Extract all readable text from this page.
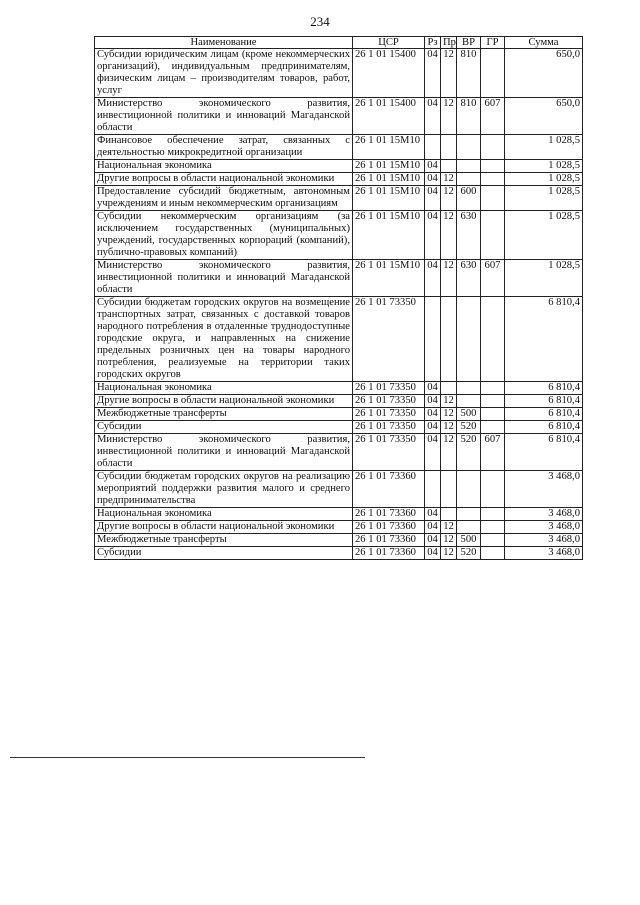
234
Наименование	ЦСР	Рз	Пр	ВР	ГР	Сумма
Субсидии юридическим лицам (кроме некоммерческих организаций), индивидуальным предпринимателям, физическим лицам – производителям товаров, работ, услуг	26 1 01 15400	04	12	810		650,0
Министерство экономического развития, инвестиционной политики и инноваций Магаданской области	26 1 01 15400	04	12	810	607	650,0
Финансовое обеспечение затрат, связанных с деятельностью микрокредитной организации	26 1 01 15М10					1 028,5
Национальная экономика	26 1 01 15М10	04				1 028,5
Другие вопросы в области национальной экономики	26 1 01 15М10	04	12			1 028,5
Предоставление субсидий бюджетным, автономным учреждениям и иным некоммерческим организациям	26 1 01 15М10	04	12	600		1 028,5
Субсидии некоммерческим организациям (за исключением государственных (муниципальных) учреждений, государственных корпораций (компаний), публично-правовых компаний)	26 1 01 15М10	04	12	630		1 028,5
Министерство экономического развития, инвестиционной политики и инноваций Магаданской области	26 1 01 15М10	04	12	630	607	1 028,5
Субсидии бюджетам городских округов на возмещение транспортных затрат, связанных с доставкой товаров народного потребления в отдаленные труднодоступные городские округа, и направленных на снижение предельных розничных цен на товары народного потребления, реализуемые на территории таких городских округов	26 1 01 73350					6 810,4
Национальная экономика	26 1 01 73350	04				6 810,4
Другие вопросы в области национальной экономики	26 1 01 73350	04	12			6 810,4
Межбюджетные трансферты	26 1 01 73350	04	12	500		6 810,4
Субсидии	26 1 01 73350	04	12	520		6 810,4
Министерство экономического развития, инвестиционной политики и инноваций Магаданской области	26 1 01 73350	04	12	520	607	6 810,4
Субсидии бюджетам городских округов на реализацию мероприятий поддержки развития малого и среднего предпринимательства	26 1 01 73360					3 468,0
Национальная экономика	26 1 01 73360	04				3 468,0
Другие вопросы в области национальной экономики	26 1 01 73360	04	12			3 468,0
Межбюджетные трансферты	26 1 01 73360	04	12	500		3 468,0
Субсидии	26 1 01 73360	04	12	520		3 468,0
